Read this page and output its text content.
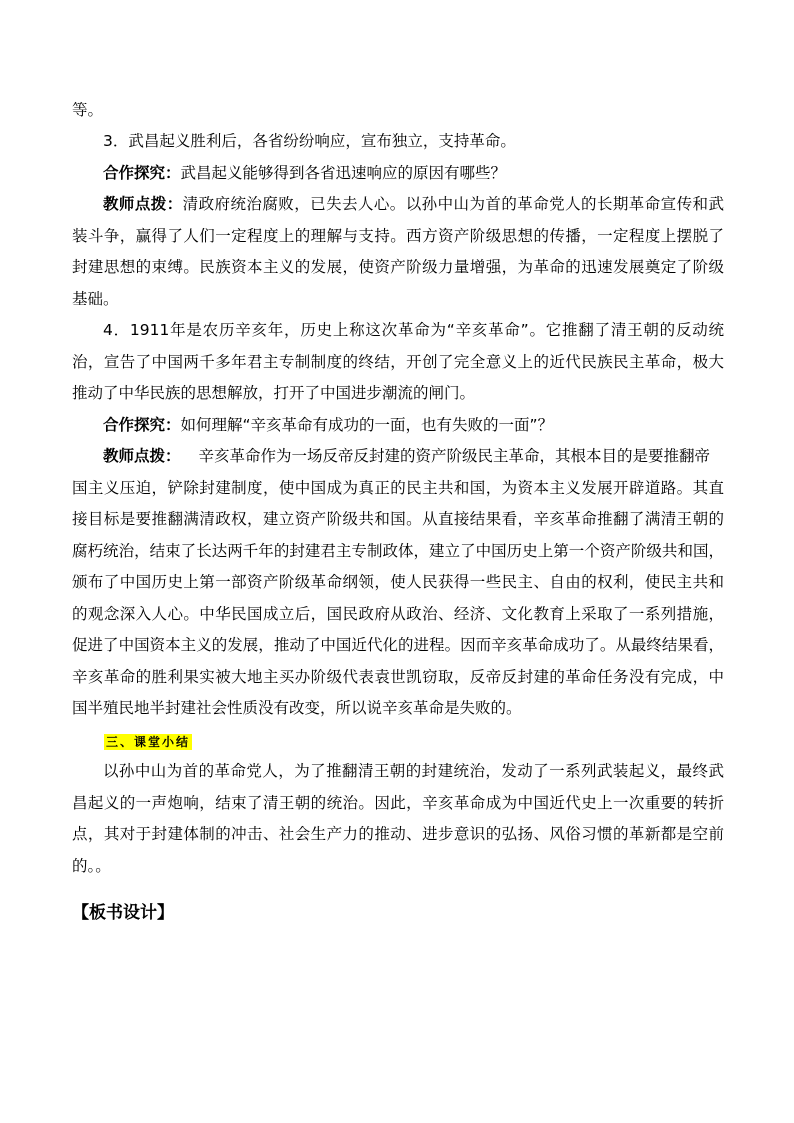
等。
3．武昌起义胜利后，各省纷纷响应，宣布独立，支持革命。
合作探究：武昌起义能够得到各省迅速响应的原因有哪些？
教师点拨：清政府统治腐败，已失去人心。以孙中山为首的革命党人的长期革命宣传和武
装斗争，赢得了人们一定程度上的理解与支持。西方资产阶级思想的传播，一定程度上摆脱了
封建思想的束缚。民族资本主义的发展，使资产阶级力量增强，为革命的迅速发展奠定了阶级
基础。
4．1911年是农历辛亥年，历史上称这次革命为“辛亥革命”。它推翻了清王朝的反动统
治，宣告了中国两千多年君主专制制度的终结，开创了完全意义上的近代民族民主革命，极大
推动了中华民族的思想解放，打开了中国进步潮流的闸门。
合作探究：如何理解“辛亥革命有成功的一面，也有失败的一面”？
教师点拨： 辛亥革命作为一场反帝反封建的资产阶级民主革命，其根本目的是要推翻帝
国主义压迫，铲除封建制度，使中国成为真正的民主共和国，为资本主义发展开辟道路。其直
接目标是要推翻满清政权，建立资产阶级共和国。从直接结果看，辛亥革命推翻了满清王朝的
腐朽统治，结束了长达两千年的封建君主专制政体，建立了中国历史上第一个资产阶级共和国，
颁布了中国历史上第一部资产阶级革命纲领，使人民获得一些民主、自由的权利，使民主共和
的观念深入人心。中华民国成立后，国民政府从政治、经济、文化教育上采取了一系列措施，
促进了中国资本主义的发展，推动了中国近代化的进程。因而辛亥革命成功了。从最终结果看，
辛亥革命的胜利果实被大地主买办阶级代表袁世凯窃取，反帝反封建的革命任务没有完成，中
国半殖民地半封建社会性质没有改变，所以说辛亥革命是失败的。
三、课堂小结
以孙中山为首的革命党人，为了推翻清王朝的封建统治，发动了一系列武装起义，最终武
昌起义的一声炮响，结束了清王朝的统治。因此，辛亥革命成为中国近代史上一次重要的转折
点，其对于封建体制的冲击、社会生产力的推动、进步意识的弘扬、风俗习惯的革新都是空前
的。。
【板书设计】
